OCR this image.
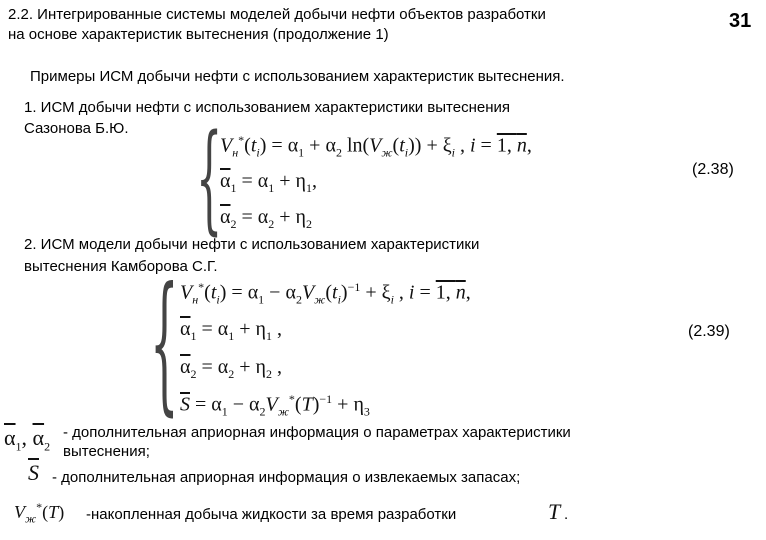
2.2. Интегрированные системы моделей добычи нефти объектов разработки
на основе характеристик вытеснения (продолжение 1)
31
Примеры ИСМ добычи нефти с использованием характеристик вытеснения.
1. ИСМ добычи нефти с использованием характеристики вытеснения
Сазонова Б.Ю. {
$V_н^*(t_i) = \alpha_1 + \alpha_2$ $\ln(V_ж(t_i)) + \xi_i$ , i = 1, n,
$\overline{\alpha}_1 = \alpha_1 + \eta_1$,
$\overline{\alpha}_2 = \alpha_2 + \eta_2$
(2.38)
2. ИСМ модели добычи нефти с использованием характеристики
вытеснения Камборова С.Г.
{ $V_н^*(t_i) = \alpha_1 - \alpha_2V_ж(t_i)^{-1} + \xi_i$ , i = 1, n,
$\overline{\alpha}_1 = \alpha_1 + \eta_1$ ,
$\overline{\alpha}_2 = \alpha_2 + \eta_2$ ,
$\overline{S} = \alpha_1 - \alpha_2V_ж^*(T)^{-1} + \eta_3$
(2.39)
$\overline{\alpha}_1$, $\overline{\alpha}_2$
- дополнительная априорная информация о параметрах характеристики
вытеснения;
$\overline{S}$ - дополнительная априорная информация о извлекаемых запасах;
$V_ж^*(T)$ -накопленная добыча жидкости за время разработки	T .
